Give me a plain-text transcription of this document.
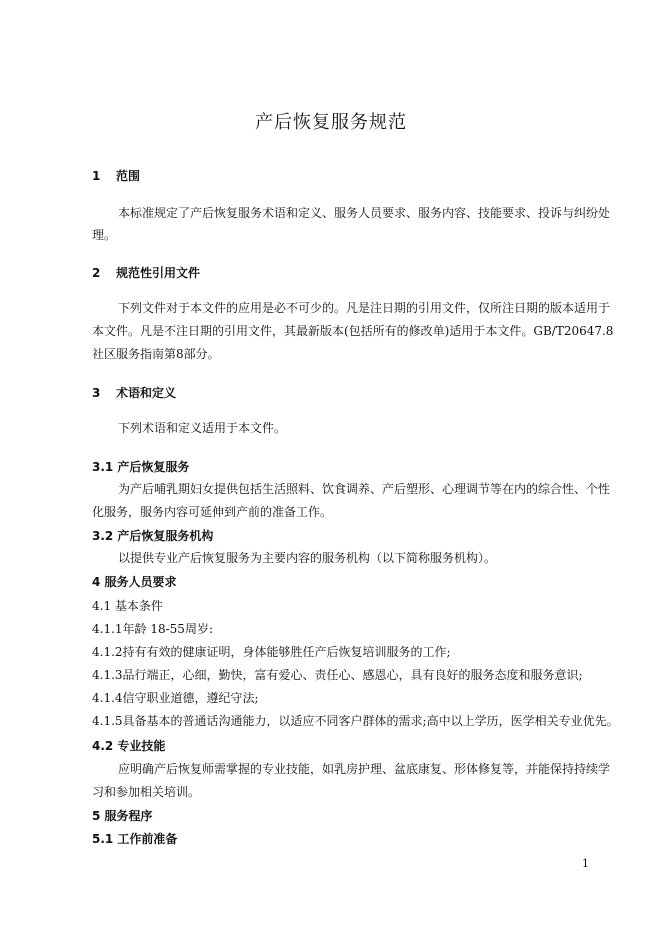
产后恢复服务规范
1 范围
本标准规定了产后恢复服务术语和定义、服务人员要求、服务内容、技能要求、投诉与纠纷处
理。
2 规范性引用文件
下列文件对于本文件的应用是必不可少的。凡是注日期的引用文件，仅所注日期的版本适用于
本文件。凡是不注日期的引用文件，其最新版本(包括所有的修改单)适用于本文件。GB/T20647.8
社区服务指南第8部分。
3 术语和定义
下列术语和定义适用于本文件。
3.1 产后恢复服务
为产后哺乳期妇女提供包括生活照料、饮食调养、产后塑形、心理调节等在内的综合性、个性
化服务，服务内容可延伸到产前的准备工作。
3.2 产后恢复服务机构
以提供专业产后恢复服务为主要内容的服务机构（以下简称服务机构）。
4 服务人员要求
4.1 基本条件
4.1.1年龄 18-55周岁:
4.1.2持有有效的健康证明，身体能够胜任产后恢复培训服务的工作;
4.1.3品行端正，心细，勤快，富有爱心、责任心、感恩心，具有良好的服务态度和服务意识;
4.1.4信守职业道德，遵纪守法;
4.1.5具备基本的普通话沟通能力，以适应不同客户群体的需求;高中以上学历，医学相关专业优先。
4.2 专业技能
应明确产后恢复师需掌握的专业技能，如乳房护理、盆底康复、形体修复等，并能保持持续学
习和参加相关培训。
5 服务程序
5.1 工作前准备
1
